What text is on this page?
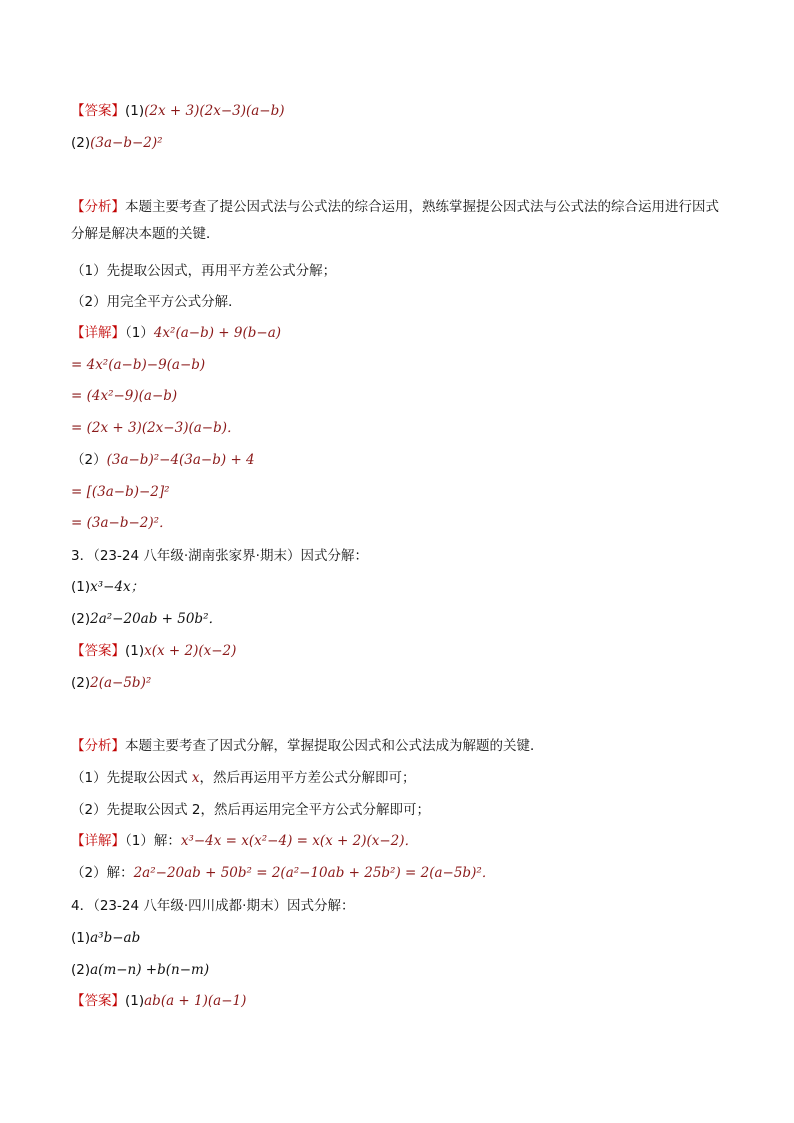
【答案】(1)(2x + 3)(2x−3)(a−b)
(2)(3a−b−2)²
【分析】本题主要考查了提公因式法与公式法的综合运用，熟练掌握提公因式法与公式法的综合运用进行因式分解是解决本题的关键．
（1）先提取公因式，再用平方差公式分解；
（2）用完全平方公式分解．
【详解】（1）4x²(a−b) + 9(b−a)
= 4x²(a−b)−9(a−b)
= (4x²−9)(a−b)
= (2x + 3)(2x−3)(a−b)．
（2）(3a−b)²−4(3a−b) + 4
= [(3a−b)−2]²
= (3a−b−2)²．
3．（23-24 八年级·湖南张家界·期末）因式分解：
(1)x³−4x；
(2)2a²−20ab + 50b²．
【答案】(1)x(x + 2)(x−2)
(2)2(a−5b)²
【分析】本题主要考查了因式分解，掌握提取公因式和公式法成为解题的关键．
（1）先提取公因式 x，然后再运用平方差公式分解即可；
（2）先提取公因式 2，然后再运用完全平方公式分解即可；
【详解】（1）解：x³−4x = x(x²−4) = x(x + 2)(x−2)．
（2）解：2a²−20ab + 50b² = 2(a²−10ab + 25b²) = 2(a−5b)²．
4．（23-24 八年级·四川成都·期末）因式分解：
(1)a³b−ab
(2)a(m−n) +b(n−m)
【答案】(1)ab(a + 1)(a−1)
